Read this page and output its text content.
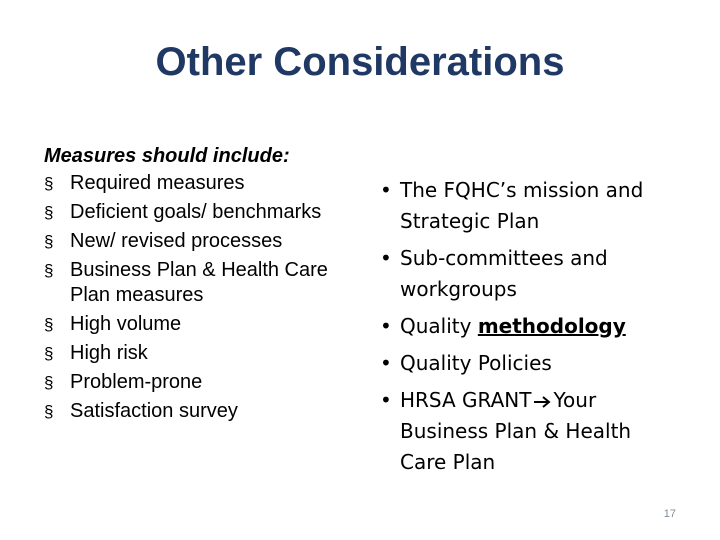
Other Considerations
Measures should include:
§ Required measures
§ Deficient goals/ benchmarks
§ New/ revised processes
§ Business Plan & Health Care Plan measures
§ High volume
§ High risk
§ Problem-prone
§ Satisfaction survey
• The FQHC’s mission and Strategic Plan
• Sub-committees and workgroups
• Quality methodology
• Quality Policies
• HRSA GRANT Your Business Plan & Health Care Plan
17
